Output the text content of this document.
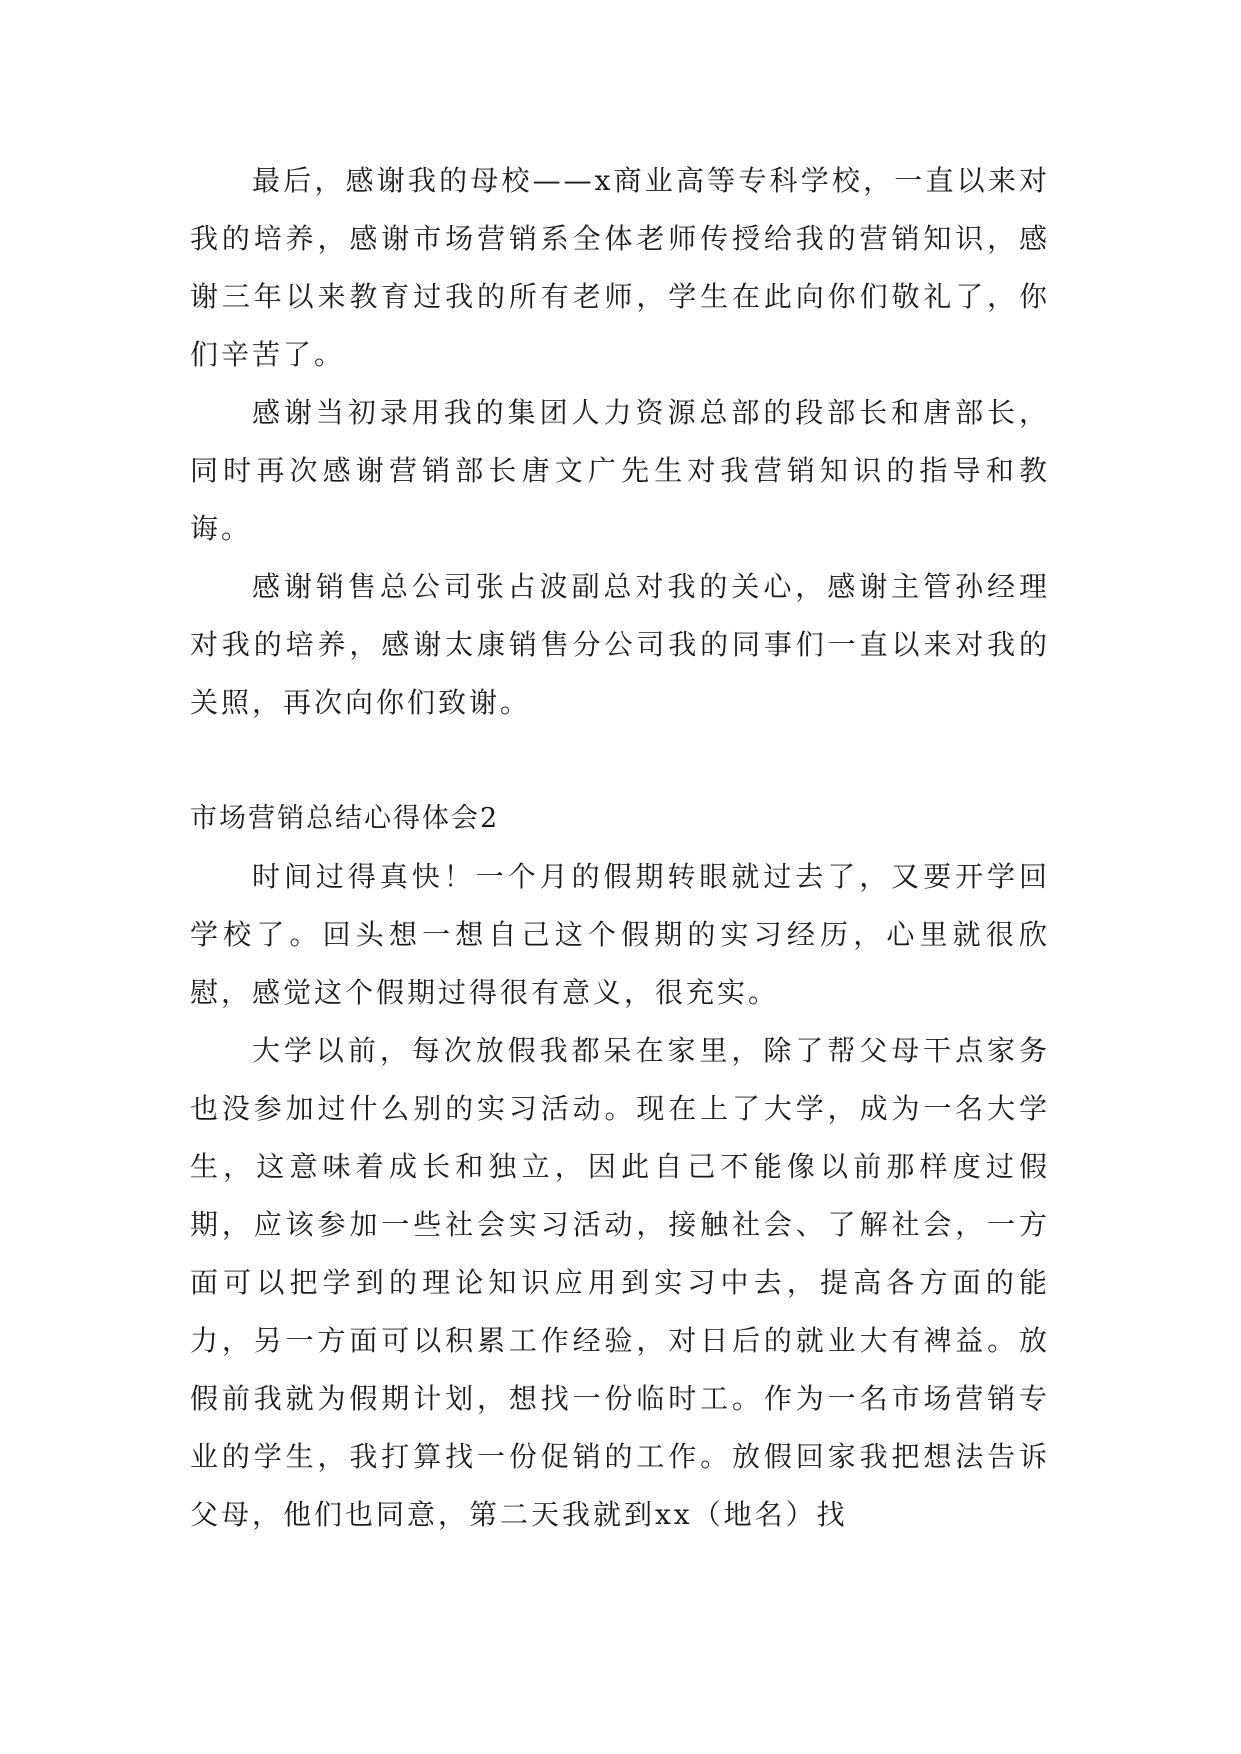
最后，感谢我的母校——x商业高等专科学校，一直以来对我的培养，感谢市场营销系全体老师传授给我的营销知识，感谢三年以来教育过我的所有老师，学生在此向你们敬礼了，你们辛苦了。

感谢当初录用我的集团人力资源总部的段部长和唐部长，同时再次感谢营销部长唐文广先生对我营销知识的指导和教诲。

感谢销售总公司张占波副总对我的关心，感谢主管孙经理对我的培养，感谢太康销售分公司我的同事们一直以来对我的关照，再次向你们致谢。

市场营销总结心得体会2

时间过得真快！一个月的假期转眼就过去了，又要开学回学校了。回头想一想自己这个假期的实习经历，心里就很欣慰，感觉这个假期过得很有意义，很充实。

大学以前，每次放假我都呆在家里，除了帮父母干点家务也没参加过什么别的实习活动。现在上了大学，成为一名大学生，这意味着成长和独立，因此自己不能像以前那样度过假期，应该参加一些社会实习活动，接触社会、了解社会，一方面可以把学到的理论知识应用到实习中去，提高各方面的能力，另一方面可以积累工作经验，对日后的就业大有裨益。放假前我就为假期计划，想找一份临时工。作为一名市场营销专业的学生，我打算找一份促销的工作。放假回家我把想法告诉父母，他们也同意，第二天我就到xx（地名）找
